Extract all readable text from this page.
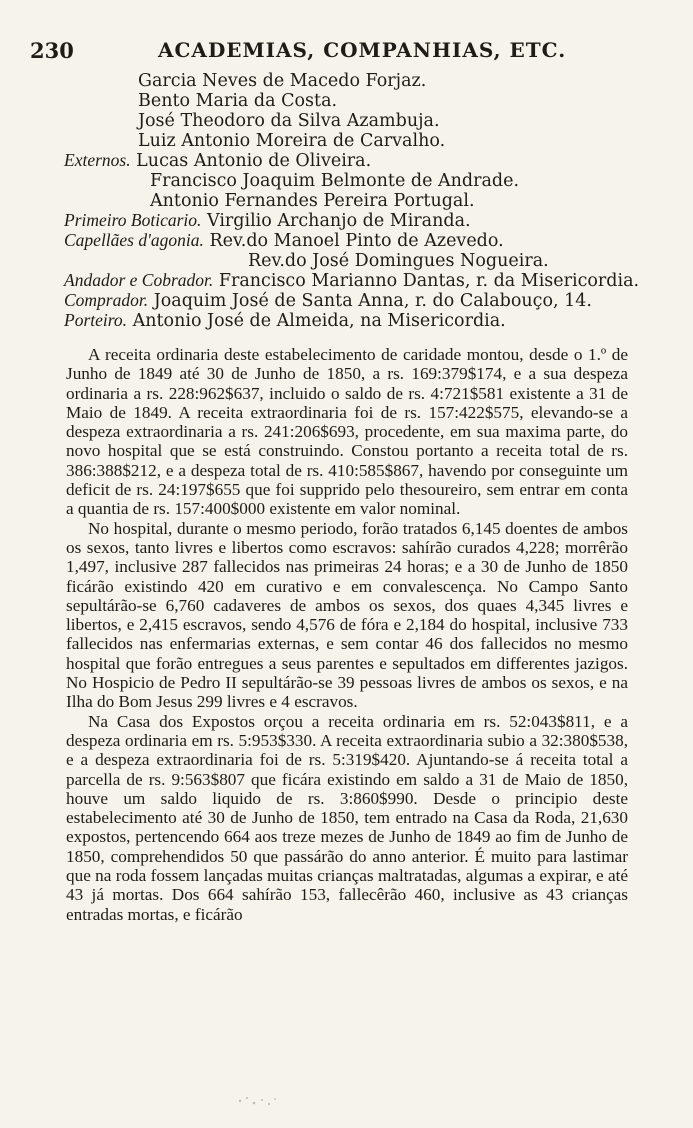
230	ACADEMIAS, COMPANHIAS, ETC.
Garcia Neves de Macedo Forjaz.
Bento Maria da Costa.
José Theodoro da Silva Azambuja.
Luiz Antonio Moreira de Carvalho.
Externos. Lucas Antonio de Oliveira.
Francisco Joaquim Belmonte de Andrade.
Antonio Fernandes Pereira Portugal.
Primeiro Boticario. Virgilio Archanjo de Miranda.
Capellães d'agonia. Rev.do Manoel Pinto de Azevedo.
Rev.do José Domingues Nogueira.
Andador e Cobrador. Francisco Marianno Dantas, r. da Misericordia.
Comprador. Joaquim José de Santa Anna, r. do Calabouço, 14.
Porteiro. Antonio José de Almeida, na Misericordia.

A receita ordinaria deste estabelecimento de caridade montou, desde o 1.º de Junho de 1849 até 30 de Junho de 1850, a rs. 169:379$174, e a sua despeza ordinaria a rs. 228:962$637, incluido o saldo de rs. 4:721$581 existente a 31 de Maio de 1849. A receita extraordinaria foi de rs. 157:422$575, elevando-se a despeza extraordinaria a rs. 241:206$693, procedente, em sua maxima parte, do novo hospital que se está construindo. Constou portanto a receita total de rs. 386:388$212, e a despeza total de rs. 410:585$867, havendo por conseguinte um deficit de rs. 24:197$655 que foi supprido pelo thesoureiro, sem entrar em conta a quantia de rs. 157:400$000 existente em valor nominal.

No hospital, durante o mesmo periodo, forão tratados 6,145 doentes de ambos os sexos, tanto livres e libertos como escravos: sahírão curados 4,228; morrêrão 1,497, inclusive 287 fallecidos nas primeiras 24 horas; e a 30 de Junho de 1850 ficárão existindo 420 em curativo e em convalescença. No Campo Santo sepultárão-se 6,760 cadaveres de ambos os sexos, dos quaes 4,345 livres e libertos, e 2,415 escravos, sendo 4,576 de fóra e 2,184 do hospital, inclusive 733 fallecidos nas enfermarias externas, e sem contar 46 dos fallecidos no mesmo hospital que forão entregues a seus parentes e sepultados em differentes jazigos. No Hospicio de Pedro II sepultárão-se 39 pessoas livres de ambos os sexos, e na Ilha do Bom Jesus 299 livres e 4 escravos.

Na Casa dos Expostos orçou a receita ordinaria em rs. 52:043$811, e a despeza ordinaria em rs. 5:953$330. A receita extraordinaria subio a 32:380$538, e a despeza extraordinaria foi de rs. 5:319$420. Ajuntando-se á receita total a parcella de rs. 9:563$807 que ficára existindo em saldo a 31 de Maio de 1850, houve um saldo liquido de rs. 3:860$990. Desde o principio deste estabelecimento até 30 de Junho de 1850, tem entrado na Casa da Roda, 21,630 expostos, pertencendo 664 aos treze mezes de Junho de 1849 ao fim de Junho de 1850, comprehendidos 50 que passárão do anno anterior. É muito para lastimar que na roda fossem lançadas muitas crianças maltratadas, algumas a expirar, e até 43 já mortas. Dos 664 sahírão 153, fallecêrão 460, inclusive as 43 crianças entradas mortas, e ficárão
